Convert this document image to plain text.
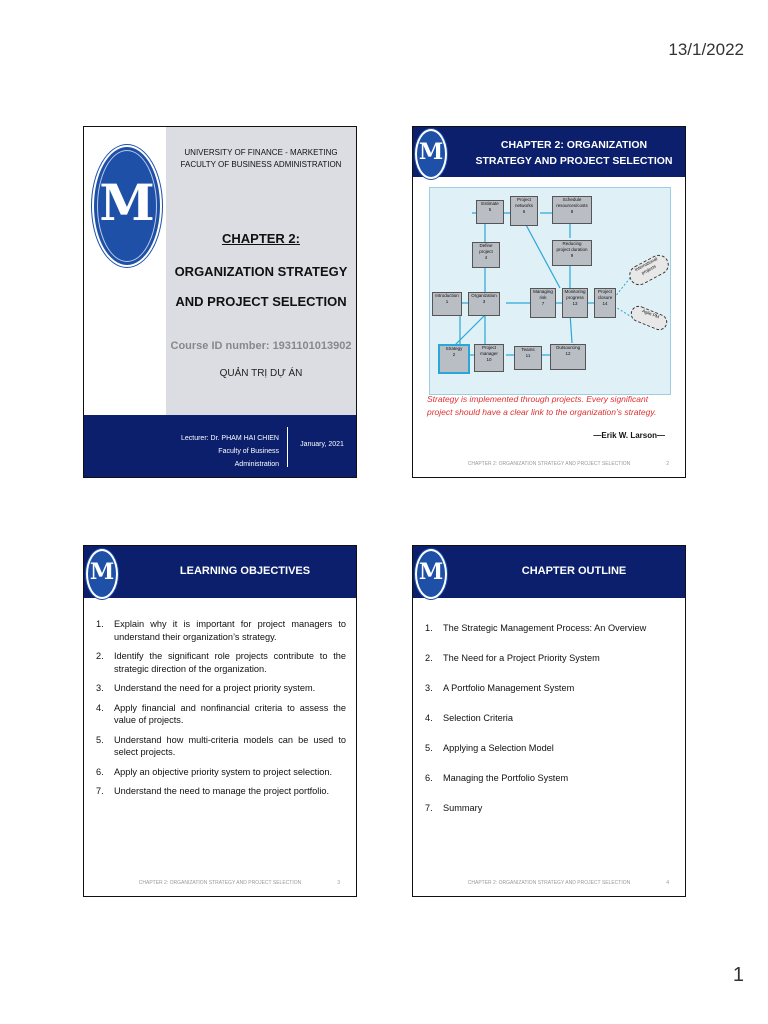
13/1/2022
M
UNIVERSITY OF FINANCE - MARKETING
FACULTY OF BUSINESS ADMINISTRATION
CHAPTER 2:
ORGANIZATION STRATEGY
AND PROJECT SELECTION
Course ID number: 1931101013902
QUẢN TRỊ DỰ ÁN
Lecturer: Dr. PHAM HAI CHIEN
Faculty of Business Administration
January, 2021
M	CHAPTER 2: ORGANIZATION
STRATEGY AND PROJECT SELECTION
Estimate
5
Project
networks
6
Schedule
resources/costs
8
Define
project
4
Reducing
project duration
9
Introduction
1
Organization
3
Managing
risk
7
Monitoring
progress
13
Project
closure
14
Strategy
2
Project
manager
10
Teams
11
Outsourcing
12
International
projects
Agile PM
Strategy is implemented through projects. Every significant project should have a clear link to the organization’s strategy.
—Erik W. Larson—
CHAPTER 2: ORGANIZATION STRATEGY AND PROJECT SELECTION	2
M	LEARNING OBJECTIVES
1. Explain why it is important for project managers to understand their organization’s strategy.
2. Identify the significant role projects contribute to the strategic direction of the organization.
3. Understand the need for a project priority system.
4. Apply financial and nonfinancial criteria to assess the value of projects.
5. Understand how multi-criteria models can be used to select projects.
6. Apply an objective priority system to project selection.
7. Understand the need to manage the project portfolio.
CHAPTER 2: ORGANIZATION STRATEGY AND PROJECT SELECTION	3
M	CHAPTER OUTLINE
1. The Strategic Management Process: An Overview
2. The Need for a Project Priority System
3. A Portfolio Management System
4. Selection Criteria
5. Applying a Selection Model
6. Managing the Portfolio System
7. Summary
CHAPTER 2: ORGANIZATION STRATEGY AND PROJECT SELECTION	4
1
